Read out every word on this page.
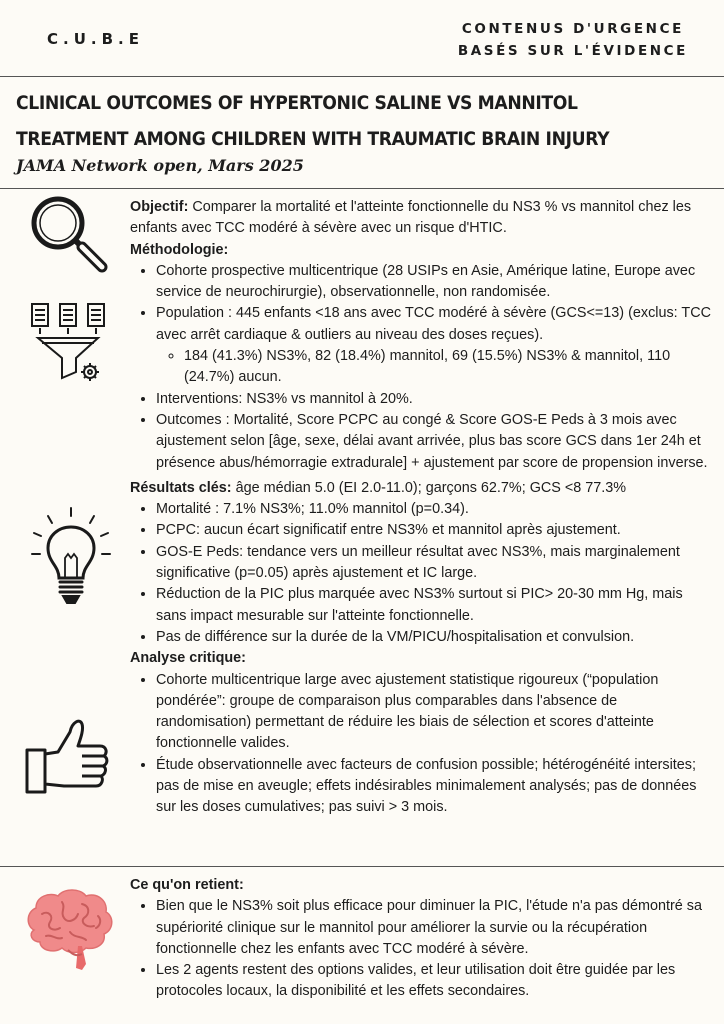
C.U.B.E
CONTENUS D'URGENCE
BASÉS SUR L'ÉVIDENCE
CLINICAL OUTCOMES OF HYPERTONIC SALINE VS MANNITOL TREATMENT AMONG CHILDREN WITH TRAUMATIC BRAIN INJURY
JAMA Network open, Mars 2025
Objectif: Comparer la mortalité et l'atteinte fonctionnelle du NS3 % vs mannitol chez les enfants avec TCC modéré à sévère avec un risque d'HTIC.
Méthodologie:
• Cohorte prospective multicentrique (28 USIPs en Asie, Amérique latine, Europe avec service de neurochirurgie), observationnelle, non randomisée.
• Population : 445 enfants <18 ans avec TCC modéré à sévère (GCS<=13) (exclus: TCC avec arrêt cardiaque & outliers au niveau des doses reçues).
◦ 184 (41.3%) NS3%, 82 (18.4%) mannitol, 69 (15.5%) NS3% & mannitol, 110 (24.7%) aucun.
• Interventions: NS3% vs mannitol à 20%.
• Outcomes : Mortalité, Score PCPC au congé & Score GOS-E Peds à 3 mois avec ajustement selon [âge, sexe, délai avant arrivée, plus bas score GCS dans 1er 24h et présence abus/hémorragie extradurale] + ajustement par score de propension inverse.
Résultats clés: âge médian 5.0 (EI 2.0-11.0); garçons 62.7%; GCS <8 77.3%
• Mortalité : 7.1% NS3%; 11.0% mannitol (p=0.34).
• PCPC: aucun écart significatif entre NS3% et mannitol après ajustement.
• GOS-E Peds: tendance vers un meilleur résultat avec NS3%, mais marginalement significative (p=0.05) après ajustement et IC large.
• Réduction de la PIC plus marquée avec NS3% surtout si PIC> 20-30 mm Hg, mais sans impact mesurable sur l'atteinte fonctionnelle.
• Pas de différence sur la durée de la VM/PICU/hospitalisation et convulsion.
Analyse critique:
• Cohorte multicentrique large avec ajustement statistique rigoureux (“population pondérée”: groupe de comparaison plus comparables dans l'absence de randomisation) permettant de réduire les biais de sélection et scores d'atteinte fonctionnelle valides.
• Étude observationnelle avec facteurs de confusion possible; hétérogénéité intersites; pas de mise en aveugle; effets indésirables minimalement analysés; pas de données sur les doses cumulatives; pas suivi > 3 mois.
Ce qu'on retient:
• Bien que le NS3% soit plus efficace pour diminuer la PIC, l'étude n'a pas démontré sa supériorité clinique sur le mannitol pour améliorer la survie ou la récupération fonctionnelle chez les enfants avec TCC modéré à sévère.
• Les 2 agents restent des options valides, et leur utilisation doit être guidée par les protocoles locaux, la disponibilité et les effets secondaires.
